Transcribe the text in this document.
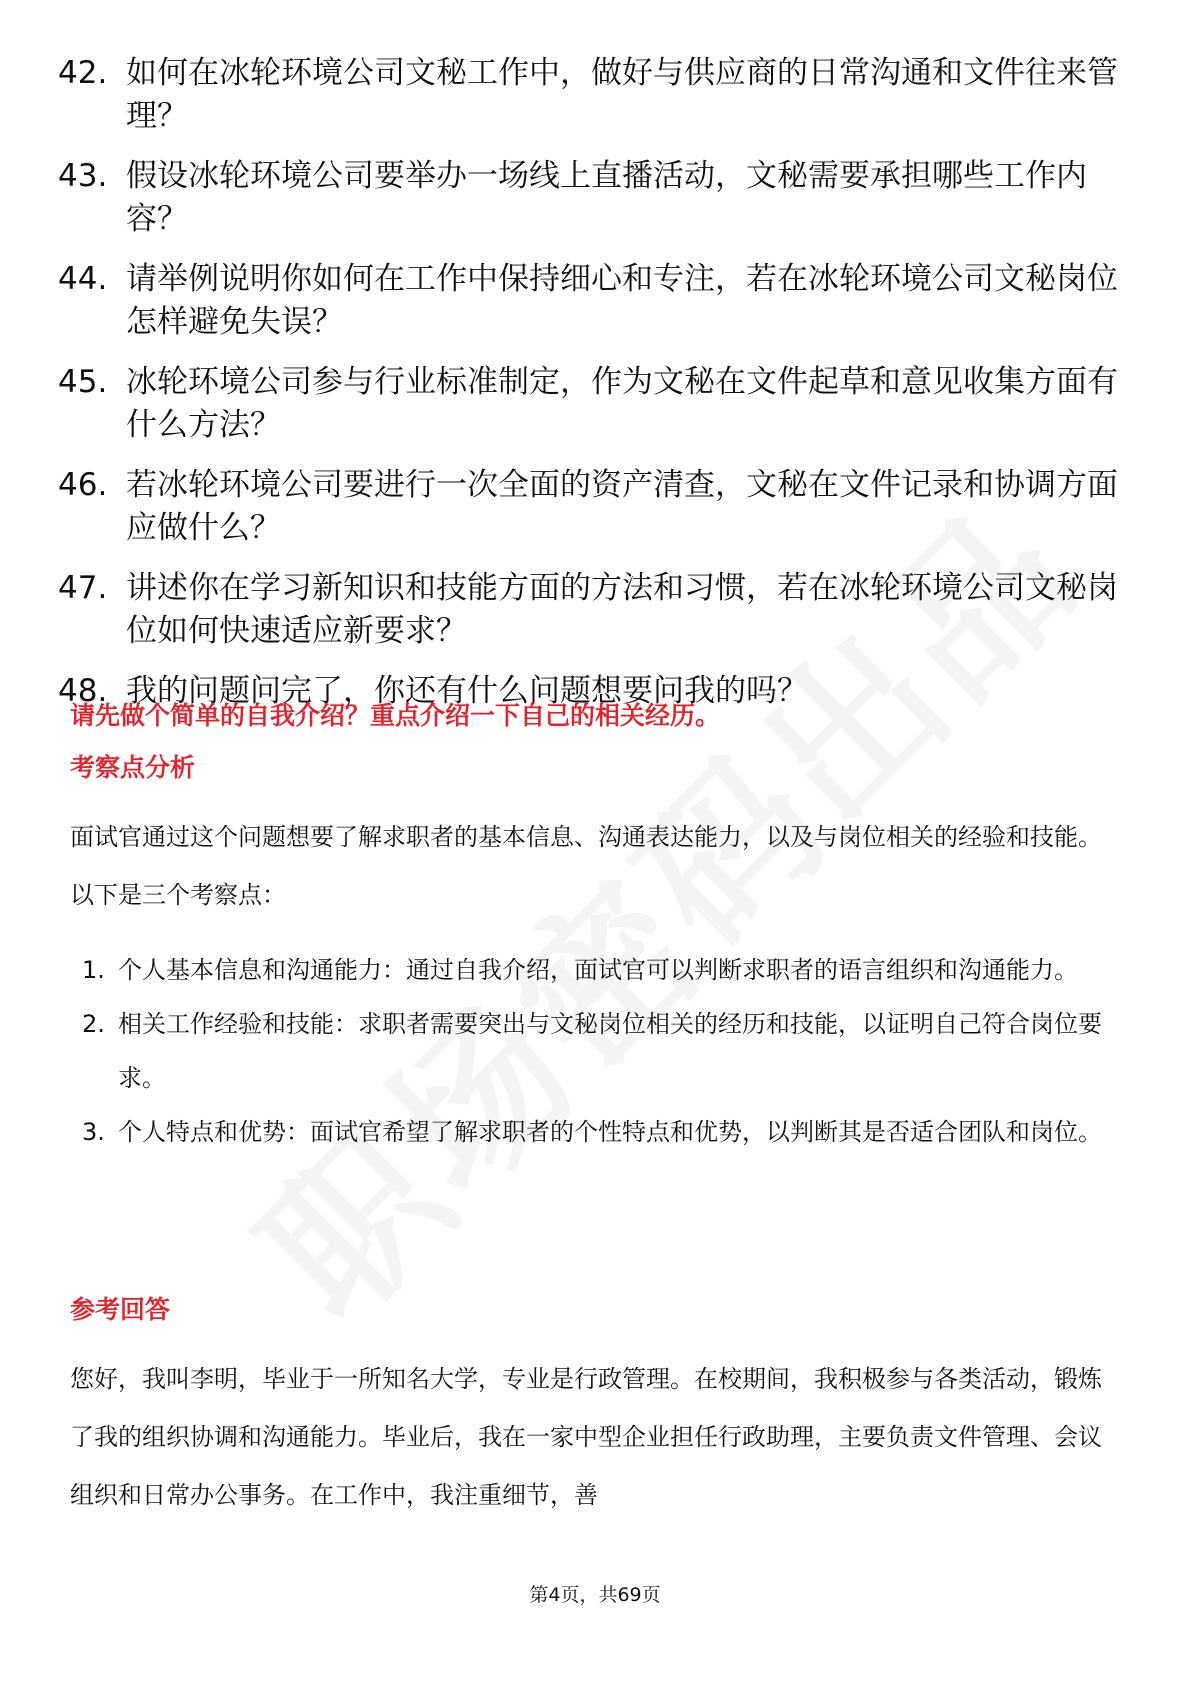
42. 如何在冰轮环境公司文秘工作中，做好与供应商的日常沟通和文件往来管理？
43. 假设冰轮环境公司要举办一场线上直播活动，文秘需要承担哪些工作内容？
44. 请举例说明你如何在工作中保持细心和专注，若在冰轮环境公司文秘岗位怎样避免失误？
45. 冰轮环境公司参与行业标准制定，作为文秘在文件起草和意见收集方面有什么方法？
46. 若冰轮环境公司要进行一次全面的资产清查，文秘在文件记录和协调方面应做什么？
47. 讲述你在学习新知识和技能方面的方法和习惯，若在冰轮环境公司文秘岗位如何快速适应新要求？
48. 我的问题问完了，你还有什么问题想要问我的吗？
请先做个简单的自我介绍？重点介绍一下自己的相关经历。
考察点分析
面试官通过这个问题想要了解求职者的基本信息、沟通表达能力，以及与岗位相关的经验和技能。以下是三个考察点：
1. 个人基本信息和沟通能力：通过自我介绍，面试官可以判断求职者的语言组织和沟通能力。
2. 相关工作经验和技能：求职者需要突出与文秘岗位相关的经历和技能，以证明自己符合岗位要求。
3. 个人特点和优势：面试官希望了解求职者的个性特点和优势，以判断其是否适合团队和岗位。
参考回答
您好，我叫李明，毕业于一所知名大学，专业是行政管理。在校期间，我积极参与各类活动，锻炼了我的组织协调和沟通能力。毕业后，我在一家中型企业担任行政助理，主要负责文件管理、会议组织和日常办公事务。在工作中，我注重细节，善
第4页，共69页
